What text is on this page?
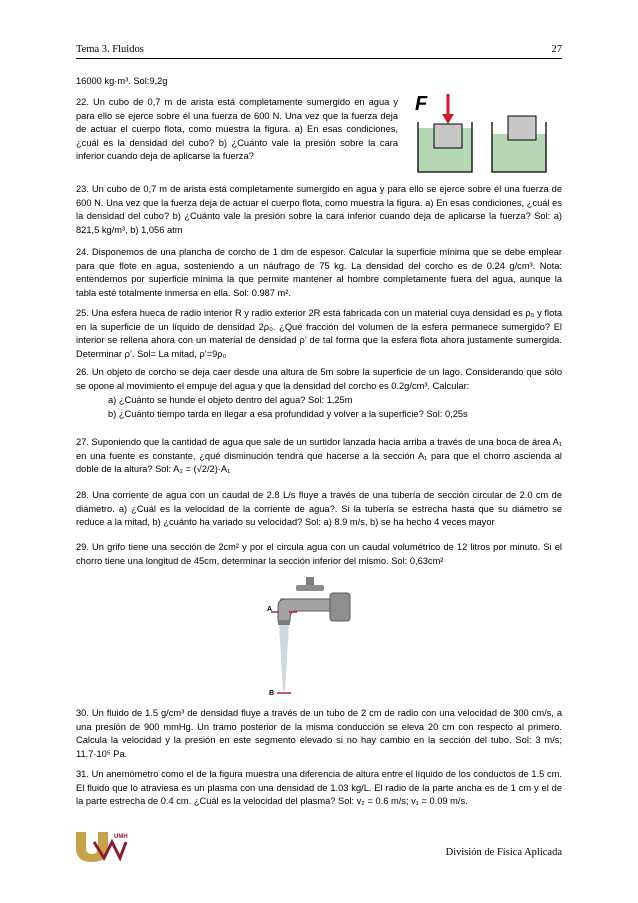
Tema 3. Fluidos	27

16000 kg·m³. Sol:9,2g

22. Un cubo de 0,7 m de arista está completamente sumergido en agua y para ello se ejerce sobre él una fuerza de 600 N. Una vez que la fuerza deja de actuar el cuerpo flota, como muestra la figura. a) En esas condiciones, ¿cuál es la densidad del cubo? b) ¿Cuánto vale la presión sobre la cara inferior cuando deja de aplicarse la fuerza?

F

23. Un cubo de 0,7 m de arista está completamente sumergido en agua y para ello se ejerce sobre él una fuerza de 600 N. Una vez que la fuerza deja de actuar el cuerpo flota, como muestra la figura. a) En esas condiciones, ¿cuál es la densidad del cubo? b) ¿Cuánto vale la presión sobre la cara inferior cuando deja de aplicarse la fuerza? Sol: a) 821,5 kg/m³, b) 1,056 atm

24. Disponemos de una plancha de corcho de 1 dm de espesor. Calcular la superficie mínima que se debe emplear para que flote en agua, sosteniendo a un náufrago de 75 kg. La densidad del corcho es de 0.24 g/cm³. Nota: entendemos por superficie mínima la que permite mantener al hombre completamente fuera del agua, aunque la tabla esté totalmente inmersa en ella. Sol: 0.987 m².

25. Una esfera hueca de radio interior R y radio exterior 2R está fabricada con un material cuya densidad es ρ₀ y flota en la superficie de un líquido de densidad 2ρ₀. ¿Qué fracción del volumen de la esfera permanece sumergido? El interior se rellena ahora con un material de densidad ρ’ de tal forma que la esfera flota ahora justamente sumergida. Determinar ρ’. Sol= La mitad, ρ’=9ρ₀

26. Un objeto de corcho se deja caer desde una altura de 5m sobre la superficie de un lago. Considerando que sólo se opone al movimiento el empuje del agua y que la densidad del corcho es 0.2g/cm³. Calcular:

a) ¿Cuánto se hunde el objeto dentro del agua? Sol: 1,25m
b) ¿Cuánto tiempo tarda en llegar a esa profundidad y volver a la superficie? Sol: 0,25s

27. Suponiendo que la cantidad de agua que sale de un surtidor lanzada hacia arriba a través de una boca de área A₁ en una fuente es constante, ¿qué disminución tendrá que hacerse a la sección A₁ para que el chorro ascienda al doble de la altura? Sol: A₂ = (√2/2)·A₁

28. Una corriente de agua con un caudal de 2.8 L/s fluye a través de una tubería de sección circular de 2.0 cm de diámetro. a) ¿Cuál es la velocidad de la corriente de agua?. Si la tubería se estrecha hasta que su diámetro se reduce a la mitad, b) ¿cuánto ha variado su velocidad? Sol: a) 8.9 m/s, b) se ha hecho 4 veces mayor

29. Un grifo tiene una sección de 2cm² y por el circula agua con un caudal volumétrico de 12 litros por minuto. Si el chorro tiene una longitud de 45cm, determinar la sección inferior del mismo. Sol: 0,63cm²

A
B

30. Un fluido de 1.5 g/cm³ de densidad fluye a través de un tubo de 2 cm de radio con una velocidad de 300 cm/s, a una presión de 900 mmHg. Un tramo posterior de la misma conducción se eleva 20 cm con respecto al primero. Calcula la velocidad y la presión en este segmento elevado si no hay cambio en la sección del tubo. Sol: 3 m/s; 11.7·10⁵ Pa.

31. Un anemómetro como el de la figura muestra una diferencia de altura entre el líquido de los conductos de 1.5 cm. El fluido que lo atraviesa es un plasma con una densidad de 1.03 kg/L. El radio de la parte ancha es de 1 cm y el de la parte estrecha de 0.4 cm. ¿Cuál es la velocidad del plasma? Sol: v₂ = 0.6 m/s; v₁ = 0.09 m/s.

UMH
División de Física Aplicada
